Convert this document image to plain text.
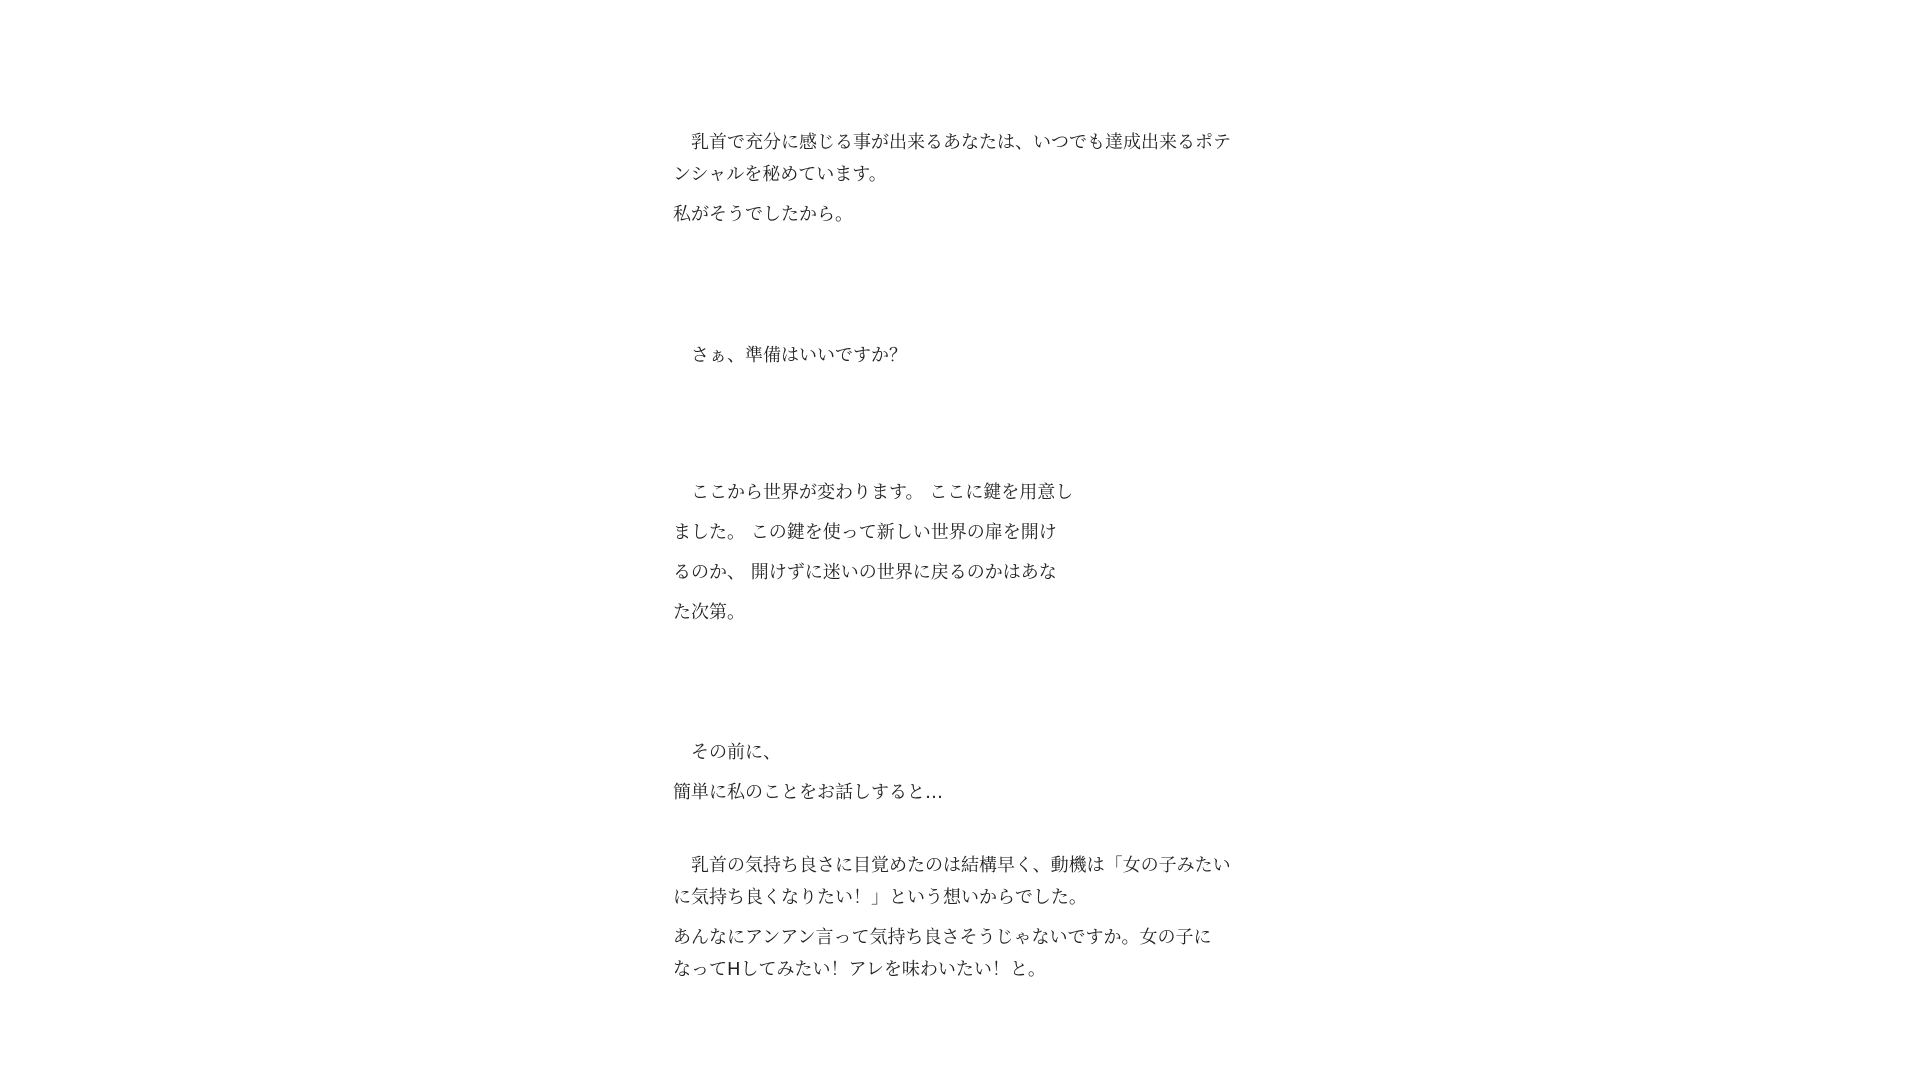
　乳首で充分に感じる事が出来るあなたは、いつでも達成出来るポテ

ンシャルを秘めています。

私がそうでしたから。

　さぁ、準備はいいですか？

　ここから世界が変わります。 ここに鍵を用意し

ました。 この鍵を使って新しい世界の扉を開け

るのか、 開けずに迷いの世界に戻るのかはあな

た次第。

　その前に、

簡単に私のことをお話しすると…

　乳首の気持ち良さに目覚めたのは結構早く、動機は「女の子みたい

に気持ち良くなりたい！」という想いからでした。

あんなにアンアン言って気持ち良さそうじゃないですか。女の子に

なってHしてみたい！アレを味わいたい！と。
